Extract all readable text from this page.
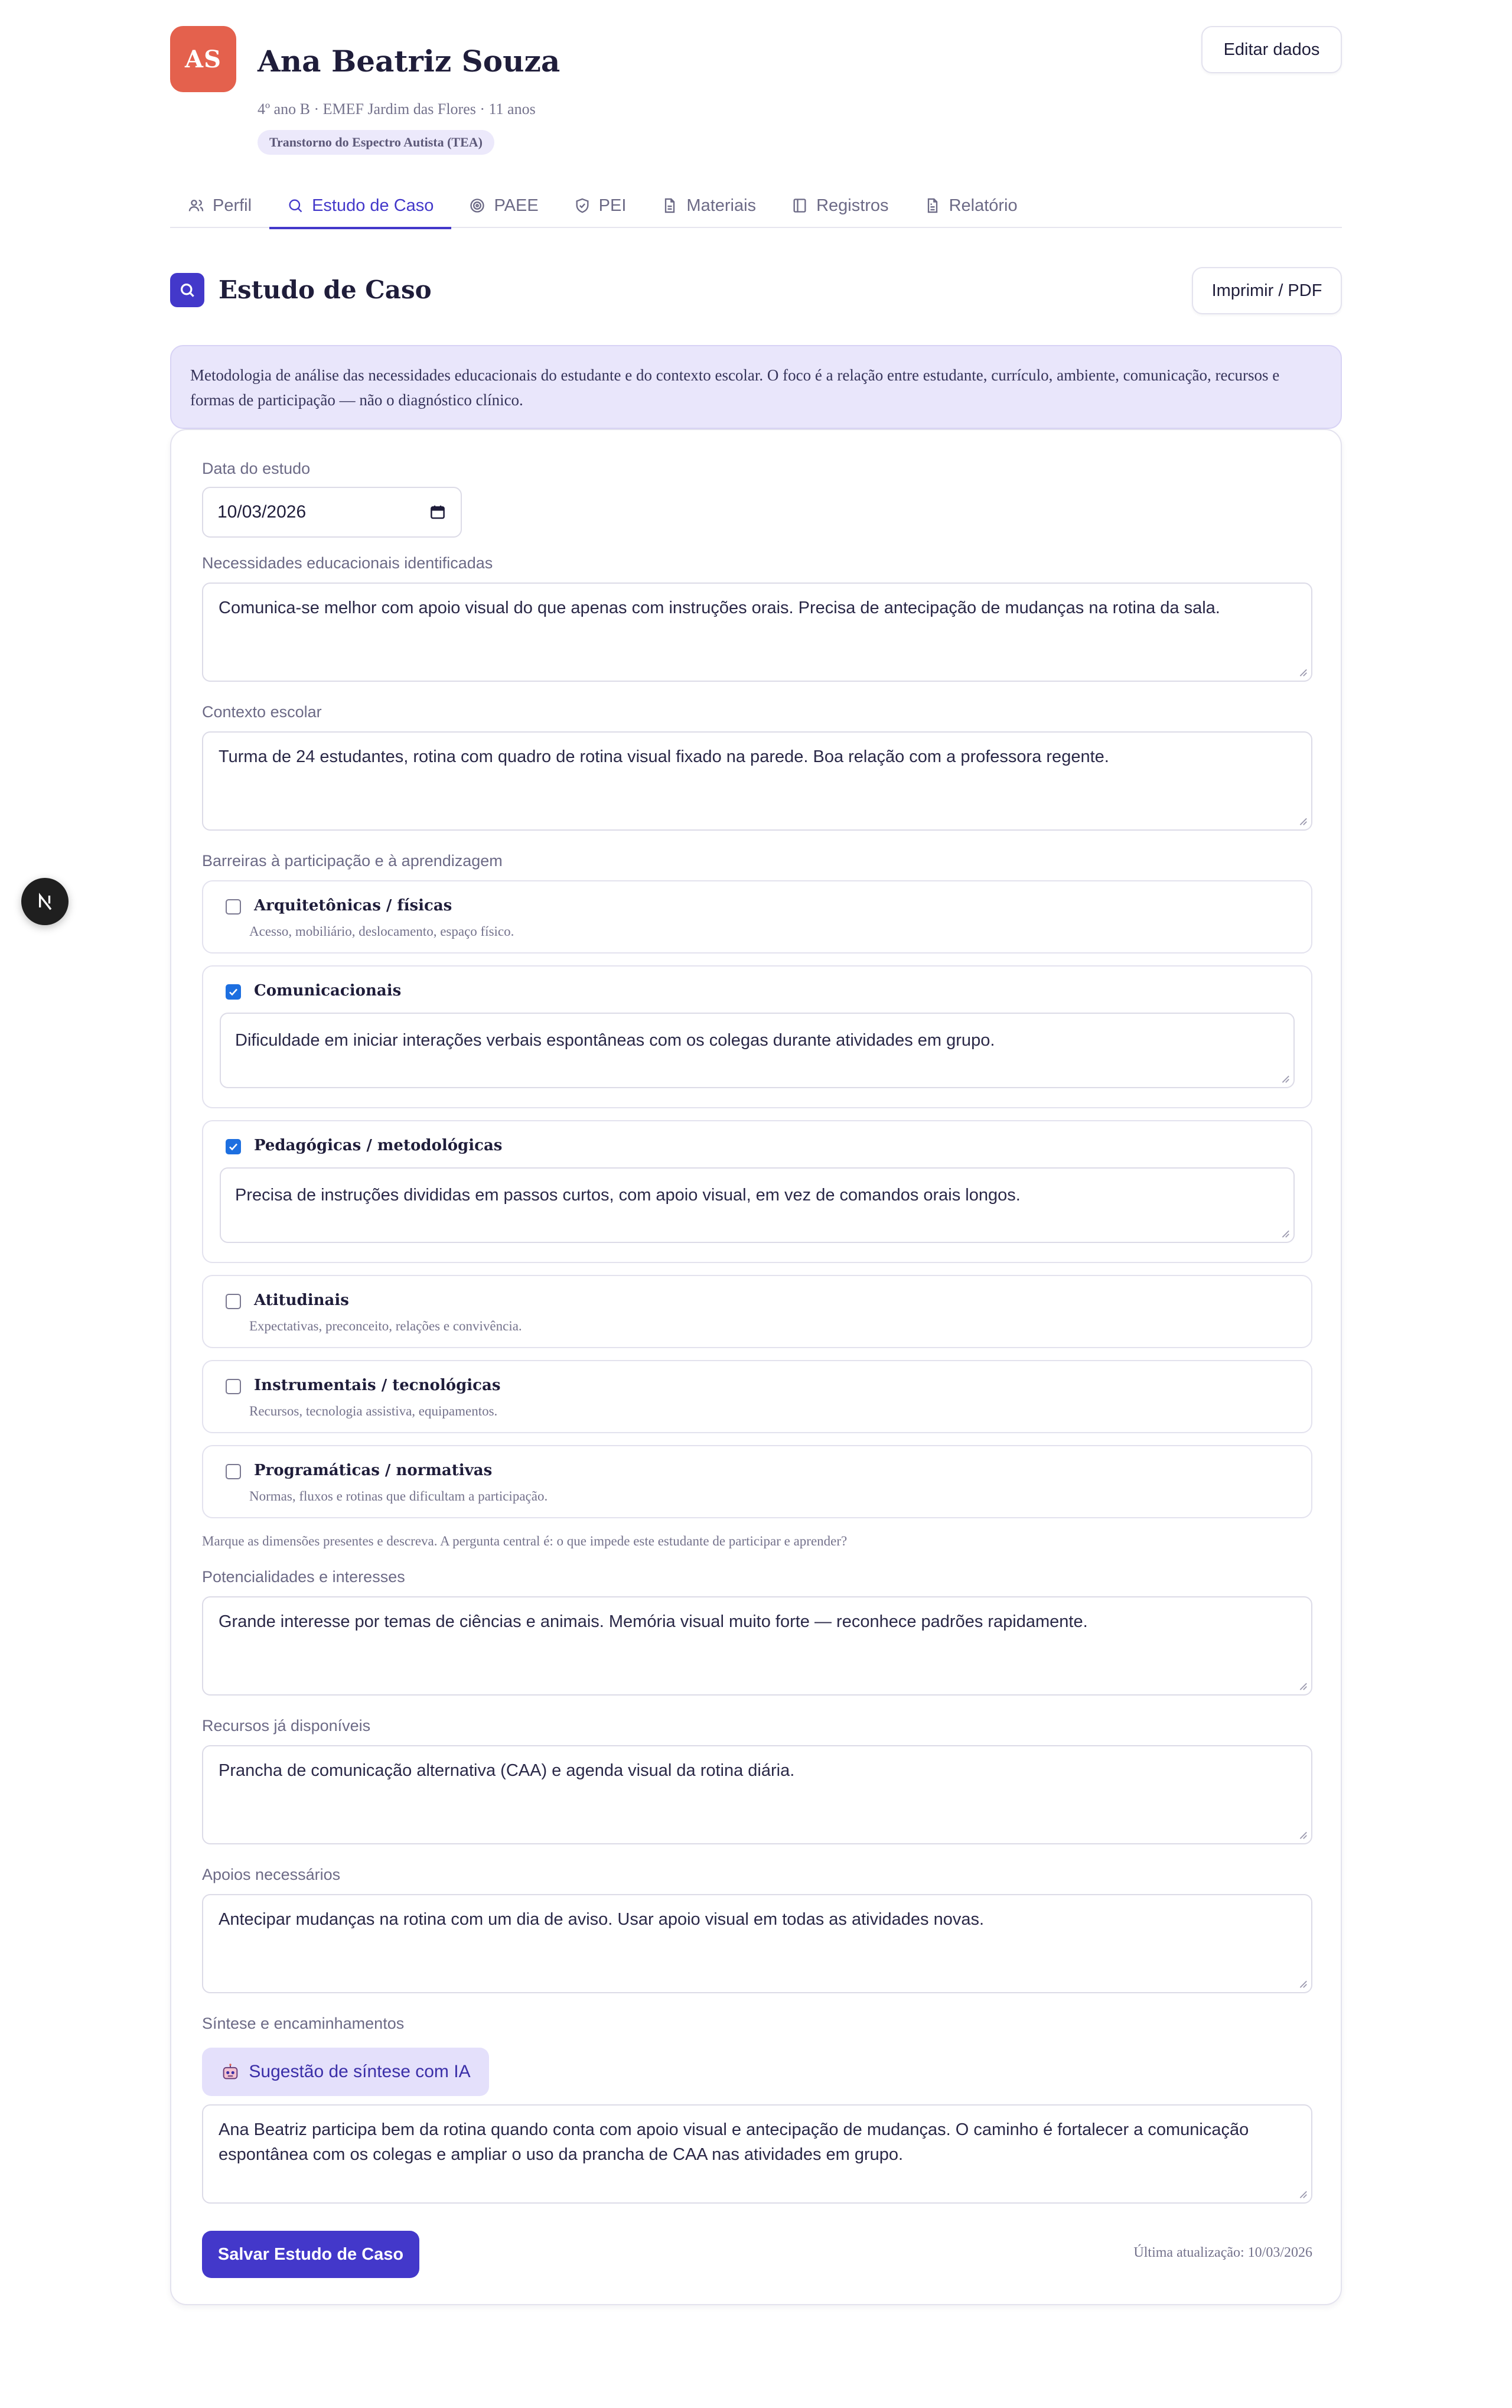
AS	Ana Beatriz Souza
4º ano B · EMEF Jardim das Flores · 11 anos
Transtorno do Espectro Autista (TEA)
Editar dados
Perfil	Estudo de Caso	PAEE	PEI	Materiais	Registros	Relatório
Estudo de Caso	Imprimir / PDF
Metodologia de análise das necessidades educacionais do estudante e do contexto escolar. O foco é a relação entre estudante, currículo, ambiente, comunicação, recursos e formas de participação — não o diagnóstico clínico.
Data do estudo
10/03/2026
Necessidades educacionais identificadas
Comunica-se melhor com apoio visual do que apenas com instruções orais. Precisa de antecipação de mudanças na rotina da sala.
Contexto escolar
Turma de 24 estudantes, rotina com quadro de rotina visual fixado na parede. Boa relação com a professora regente.
Barreiras à participação e à aprendizagem
Arquitetônicas / físicas
Acesso, mobiliário, deslocamento, espaço físico.
Comunicacionais
Dificuldade em iniciar interações verbais espontâneas com os colegas durante atividades em grupo.
Pedagógicas / metodológicas
Precisa de instruções divididas em passos curtos, com apoio visual, em vez de comandos orais longos.
Atitudinais
Expectativas, preconceito, relações e convivência.
Instrumentais / tecnológicas
Recursos, tecnologia assistiva, equipamentos.
Programáticas / normativas
Normas, fluxos e rotinas que dificultam a participação.
Marque as dimensões presentes e descreva. A pergunta central é: o que impede este estudante de participar e aprender?
Potencialidades e interesses
Grande interesse por temas de ciências e animais. Memória visual muito forte — reconhece padrões rapidamente.
Recursos já disponíveis
Prancha de comunicação alternativa (CAA) e agenda visual da rotina diária.
Apoios necessários
Antecipar mudanças na rotina com um dia de aviso. Usar apoio visual em todas as atividades novas.
Síntese e encaminhamentos
Sugestão de síntese com IA
Ana Beatriz participa bem da rotina quando conta com apoio visual e antecipação de mudanças. O caminho é fortalecer a comunicação espontânea com os colegas e ampliar o uso da prancha de CAA nas atividades em grupo.
Salvar Estudo de Caso	Última atualização: 10/03/2026
